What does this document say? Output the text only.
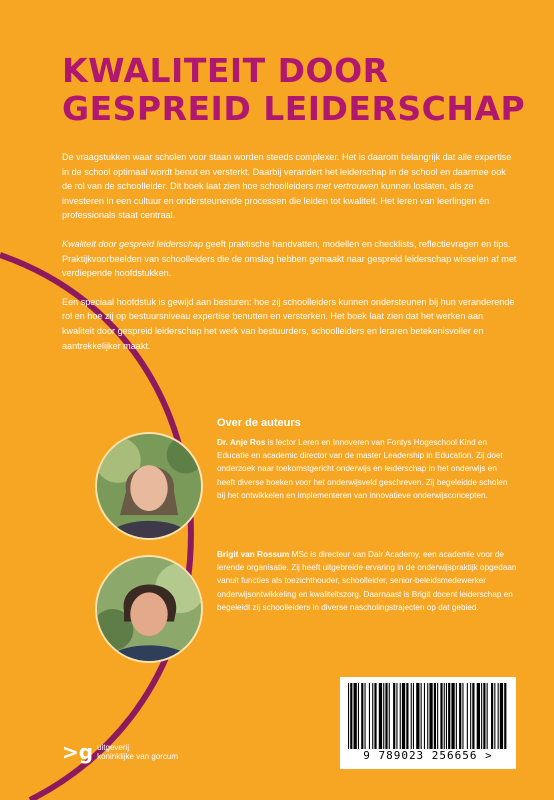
KWALITEIT DOOR
GESPREID LEIDERSCHAP

De vraagstukken waar scholen voor staan worden steeds complexer. Het is daarom belangrijk dat alle expertise in de school optimaal wordt benut en versterkt. Daarbij verandert het leiderschap in de school en daarmee ook de rol van de schoolleider. Dit boek laat zien hoe schoolleiders met vertrouwen kunnen loslaten, als ze investeren in een cultuur en ondersteunende processen die leiden tot kwaliteit. Het leren van leerlingen én professionals staat centraal.

Kwaliteit door gespreid leiderschap geeft praktische handvatten, modellen en checklists, reflectievragen en tips. Praktijkvoorbeelden van schoolleiders die de omslag hebben gemaakt naar gespreid leiderschap wisselen af met verdiepende hoofdstukken.

Een speciaal hoofdstuk is gewijd aan besturen: hoe zij schoolleiders kunnen ondersteunen bij hun veranderende rol en hoe zij op bestuursniveau expertise benutten en versterken. Het boek laat zien dat het werken aan kwaliteit door gespreid leiderschap het werk van bestuurders, schoolleiders en leraren betekenisvoller en aantrekkelijker maakt.

Over de auteurs

Dr. Anje Ros is lector Leren en Innoveren van Fontys Hogeschool Kind en Educatie en academic director van de master Leadership in Education. Zij doet onderzoek naar toekomstgericht onderwijs en leiderschap in het onderwijs en heeft diverse boeken voor het onderwijsveld geschreven. Zij begeleidde scholen bij het ontwikkelen en implementeren van innovatieve onderwijsconcepten.

Brigit van Rossum MSc is directeur van Dair Academy, een academie voor de lerende organisatie. Zij heeft uitgebreide ervaring in de onderwijspraktijk opgedaan vanuit functies als toezichthouder, schoolleider, senior-beleidsmedewerker onderwijsontwikkeling en kwaliteitszorg. Daarnaast is Brigit docent leiderschap en begeleidt zij schoolleiders in diverse nascholingstrajecten op dat gebied.

9 789023 256656 >
>g uitgeverij
koninklijke van gorcum
